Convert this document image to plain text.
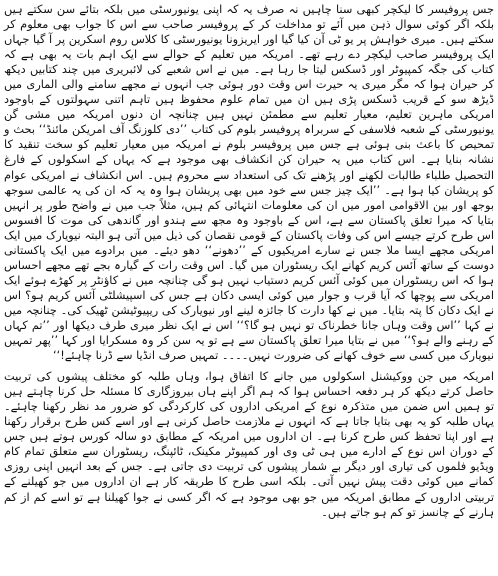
جس پروفیسر کا لیکچر کبھی سنا چاہیں نہ صرف یہ کہ اپنی یونیورسٹی میں بلکہ بتائے سن سکتے ہیں بلکہ اگر کوئی سوال ذہن میں آئے تو مداخلت کر کے پروفیسر صاحب سے اس کا جواب بھی معلوم کر سکتے ہیں۔ میری خواہش پر یو ٹی آن کیا گیا اور ایریزونا یونیورسٹی کا کلاس روم اسکرین پر آ گیا جہاں ایک پروفیسر صاحب لیکچر دے رہے تھے۔ امریکہ میں تعلیم کے حوالے سے ایک اہم بات یہ بھی ہے کہ کتاب کی جگہ کمپیوٹر اور ڈسکس لیتا جا رہا ہے۔ میں نے اس شعبے کی لائبریری میں چند کتابیں دیکھ کر حیران ہوا کہ مگر میری یہ حیرت اس وقت دور ہوئی جب انہوں نے مجھے سامنے والی الماری میں ڈیڑھ سو کے قریب ڈسکس پڑی ہیں ان میں تمام علوم محفوظ ہیں تاہم اتنی سہولتوں کے باوجود امریکی ماہرین تعلیم، معیار تعلیم سے مطمئن نہیں ہیں چنانچہ ان دنوں امریکہ میں مشی گن یونیورسٹی کے شعبہ فلاسفی کے سربراہ پروفیسر بلوم کی کتاب ’’دی کلوزنگ آف امریکن مائنڈ‘‘ بحث و تمحیص کا باعث بنی ہوئی ہے جس میں پروفیسر بلوم نے امریکہ میں معیار تعلیم کو سخت تنقید کا نشانہ بنایا ہے۔ اس کتاب میں یہ حیران کن انکشاف بھی موجود ہے کہ یہاں کے اسکولوں کے فارغ التحصیل طلباء طالبات لکھنے اور پڑھنے تک کی استعداد سے محروم ہیں۔ اس انکشاف نے امریکی عوام کو پریشان کیا ہوا ہے۔ ’’ایک چیز جس سے خود میں بھی پریشان ہوا وہ یہ کہ ان کی یہ عالمی سوجھ بوجھ اور بین الاقوامی امور میں ان کی معلومات انتہائی کم ہیں، مثلاً جب میں نے واضح طور پر انہیں بتایا کہ میرا تعلق پاکستان سے ہے، اس کے باوجود وہ مجھ سے ہندو اور گاندھی کی موت کا افسوس اس طرح کرتے جیسے اس کی وفات پاکستان کے قومی نقصان کی ذیل میں آتی ہو البتہ نیویارک میں ایک امریکی مجھے ایسا ملا جس نے سارے امریکیوں کے ’’دھونے‘‘ دھو دیئے۔ میں برادوے میں ایک پاکستانی دوست کے ساتھ آئس کریم کھانے ایک ریسٹوران میں گیا۔ اس وقت رات کے گیارہ بجے تھے مجھے احساس ہوا کہ اس ریسٹوران میں کوئی آئس کریم دستیاب نہیں ہو گی چنانچہ میں نے کاؤنٹر پر کھڑے ہوئے ایک امریکی سے پوچھا کہ آیا قرب و جوار میں کوئی ایسی دکان ہے جس کی اسپیشلٹی آئس کریم ہو؟ اس نے ایک دکان کا پتہ بتایا۔ میں نے کھا دارت کا جائزہ لینے اور نیویارک کی ریپیوٹیشن ٹھیک کی۔ چنانچہ میں نے کہا ’’اس وقت وہاں جانا خطرناک تو نہیں ہو گا؟‘‘ اس نے ایک نظر میری طرف دیکھا اور ’’تم کہاں کے رہنے والے ہو؟‘‘ میں نے بتایا میرا تعلق پاکستان سے ہے تو یہ سن کر وہ مسکرایا اور کہا ’’پھر تمہیں نیویارک میں کسی سے خوف کھانے کی ضرورت نہیں۔۔۔۔ تمہیں صرف انڈیا سے ڈرنا چاہئے!‘‘

امریکہ میں جن ووکیشنل اسکولوں میں جانے کا اتفاق ہوا، وہاں طلبہ کو مختلف پیشوں کی تربیت حاصل کرتے دیکھ کر ہر دفعہ احساس ہوا کہ ہم اگر اپنے ہاں بیروزگاری کا مسئلہ حل کرنا چاہتے ہیں تو ہمیں اس ضمن میں متذکرہ نوع کے امریکی اداروں کی کارکردگی کو ضرور مد نظر رکھنا چاہئے۔ یہاں طلبہ کو یہ بھی بتایا جاتا ہے کہ انہوں نے ملازمت حاصل کرنی ہے اور اسے کس طرح برقرار رکھنا ہے اور اپنا تحفظ کس طرح کرنا ہے۔ ان اداروں میں امریکہ کے مطابق دو سالہ کورس ہوتے ہیں جس کے دوران اس نوع کے ادارے میں ہی ٹی وی اور کمپیوٹر مکینک، ٹائپنگ، ریسٹوران سے متعلق تمام کام ویڈیو فلموں کی تیاری اور دیگر بے شمار پیشوں کی تربیت دی جاتی ہے۔ جس کے بعد انہیں اپنی روزی کمانے میں کوئی دقت پیش نہیں آتی۔ بلکہ اسی طرح کا طریقہ کار ہے ان اداروں میں جو کھیلنے کے تربیتی اداروں کے مطابق امریکہ میں جو بھی موجود ہے کہ اگر کسی نے جوا کھیلنا ہے تو اسے کم از کم ہارنے کے چانسز تو کم ہو جاتے ہیں۔
